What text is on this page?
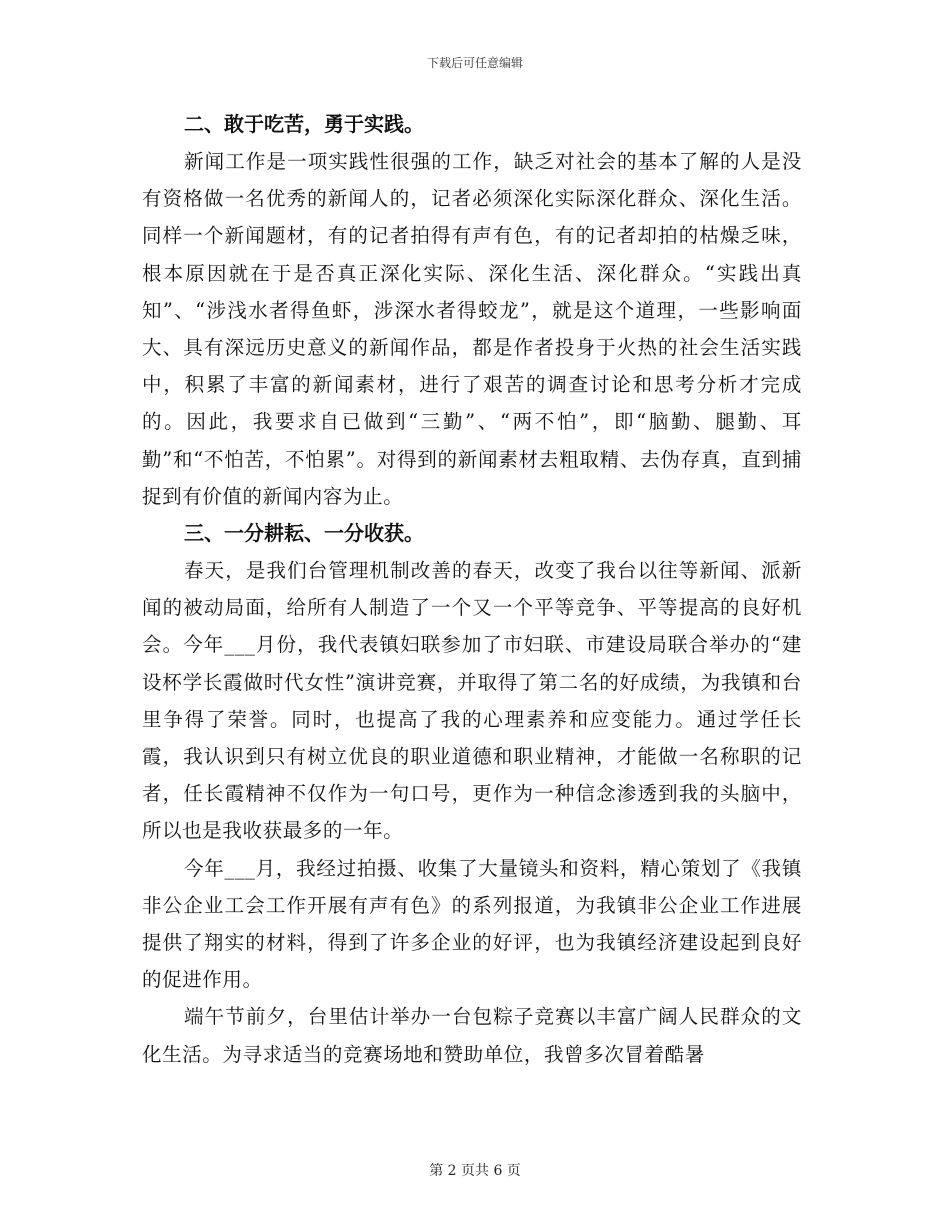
下载后可任意编辑
二、敢于吃苦，勇于实践。

新闻工作是一项实践性很强的工作，缺乏对社会的基本了解的人是没有资格做一名优秀的新闻人的，记者必须深化实际深化群众、深化生活。同样一个新闻题材，有的记者拍得有声有色，有的记者却拍的枯燥乏味，根本原因就在于是否真正深化实际、深化生活、深化群众。“实践出真知”、“涉浅水者得鱼虾，涉深水者得蛟龙”，就是这个道理，一些影响面大、具有深远历史意义的新闻作品，都是作者投身于火热的社会生活实践中，积累了丰富的新闻素材，进行了艰苦的调查讨论和思考分析才完成的。因此，我要求自已做到“三勤”、“两不怕”，即“脑勤、腿勤、耳勤”和“不怕苦，不怕累”。对得到的新闻素材去粗取精、去伪存真，直到捕捉到有价值的新闻内容为止。

三、一分耕耘、一分收获。

春天，是我们台管理机制改善的春天，改变了我台以往等新闻、派新闻的被动局面，给所有人制造了一个又一个平等竞争、平等提高的良好机会。今年___月份，我代表镇妇联参加了市妇联、市建设局联合举办的“建设杯学长霞做时代女性”演讲竞赛，并取得了第二名的好成绩，为我镇和台里争得了荣誉。同时，也提高了我的心理素养和应变能力。通过学任长霞，我认识到只有树立优良的职业道德和职业精神，才能做一名称职的记者，任长霞精神不仅作为一句口号，更作为一种信念渗透到我的头脑中，所以也是我收获最多的一年。

今年___月，我经过拍摄、收集了大量镜头和资料，精心策划了《我镇非公企业工会工作开展有声有色》的系列报道，为我镇非公企业工作进展提供了翔实的材料，得到了许多企业的好评，也为我镇经济建设起到良好的促进作用。

端午节前夕，台里估计举办一台包粽子竞赛以丰富广阔人民群众的文化生活。为寻求适当的竞赛场地和赞助单位，我曾多次冒着酷暑

第 2 页共 6 页
